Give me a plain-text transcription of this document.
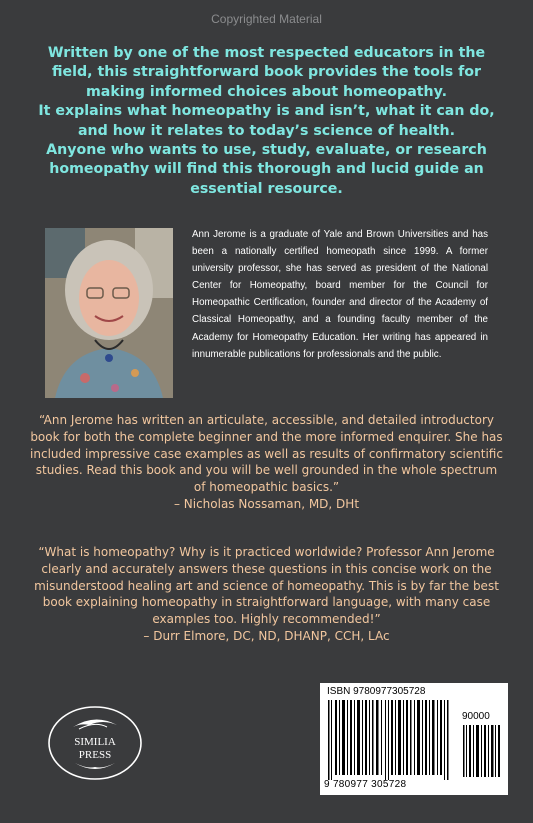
Copyrighted Material

Written by one of the most respected educators in the field, this straightforward book provides the tools for making informed choices about homeopathy.

It explains what homeopathy is and isn’t, what it can do, and how it relates to today’s science of health.

Anyone who wants to use, study, evaluate, or research homeopathy will find this thorough and lucid guide an essential resource.

Ann Jerome is a graduate of Yale and Brown Universities and has been a nationally certified homeopath since 1999. A former university professor, she has served as president of the National Center for Homeopathy, board member for the Council for Homeopathic Certification, founder and director of the Academy of Classical Homeopathy, and a founding faculty member of the Academy for Homeopathy Education. Her writing has appeared in innumerable publications for professionals and the public.

“Ann Jerome has written an articulate, accessible, and detailed introductory book for both the complete beginner and the more informed enquirer. She has included impressive case examples as well as results of confirmatory scientific studies. Read this book and you will be well grounded in the whole spectrum of homeopathic basics.”

– Nicholas Nossaman, MD, DHt

“What is homeopathy? Why is it practiced worldwide? Professor Ann Jerome clearly and accurately answers these questions in this concise work on the misunderstood healing art and science of homeopathy. This is by far the best book explaining homeopathy in straightforward language, with many case examples too. Highly recommended!”

– Durr Elmore, DC, ND, DHANP, CCH, LAc

SIMILIA
PRESS
ISBN 9780977305728
90000
9 780977 305728
